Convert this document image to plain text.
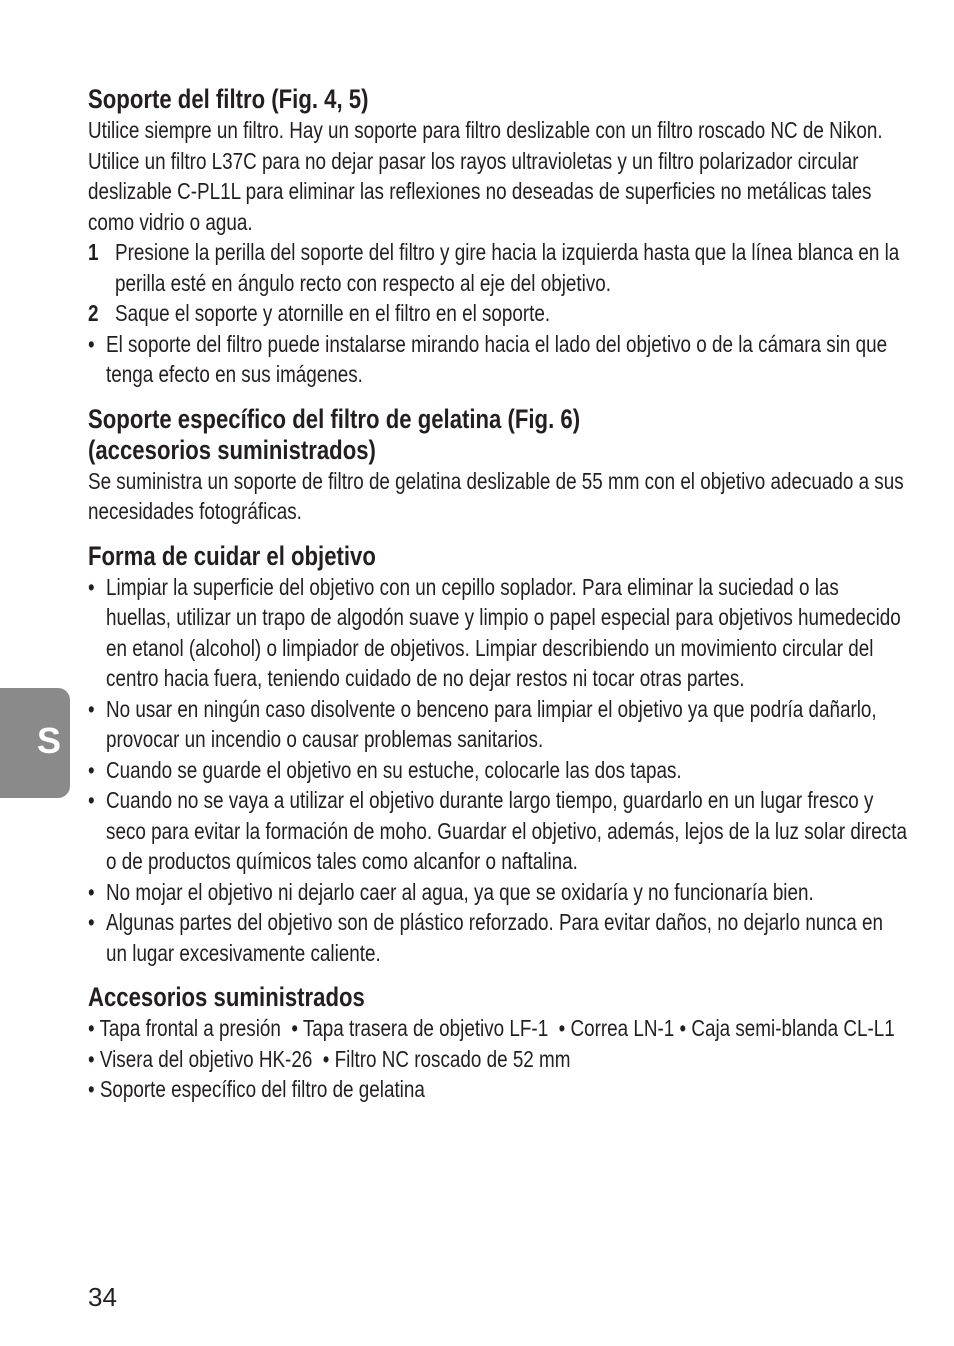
Soporte del filtro (Fig. 4, 5)

Utilice siempre un filtro. Hay un soporte para filtro deslizable con un filtro roscado NC de Nikon. Utilice un filtro L37C para no dejar pasar los rayos ultravioletas y un filtro polarizador circular deslizable C-PL1L para eliminar las reflexiones no deseadas de superficies no metálicas tales como vidrio o agua.

1 Presione la perilla del soporte del filtro y gire hacia la izquierda hasta que la línea blanca en la perilla esté en ángulo recto con respecto al eje del objetivo.
2 Saque el soporte y atornille en el filtro en el soporte.
• El soporte del filtro puede instalarse mirando hacia el lado del objetivo o de la cámara sin que tenga efecto en sus imágenes.
Soporte específico del filtro de gelatina (Fig. 6) (accesorios suministrados)

Se suministra un soporte de filtro de gelatina deslizable de 55 mm con el objetivo adecuado a sus necesidades fotográficas.

Forma de cuidar el objetivo
• Limpiar la superficie del objetivo con un cepillo soplador. Para eliminar la suciedad o las huellas, utilizar un trapo de algodón suave y limpio o papel especial para objetivos humedecido en etanol (alcohol) o limpiador de objetivos. Limpiar describiendo un movimiento circular del centro hacia fuera, teniendo cuidado de no dejar restos ni tocar otras partes.
• No usar en ningún caso disolvente o benceno para limpiar el objetivo ya que podría dañarlo, provocar un incendio o causar problemas sanitarios.
• Cuando se guarde el objetivo en su estuche, colocarle las dos tapas.
• Cuando no se vaya a utilizar el objetivo durante largo tiempo, guardarlo en un lugar fresco y seco para evitar la formación de moho. Guardar el objetivo, además, lejos de la luz solar directa o de productos químicos tales como alcanfor o naftalina.
• No mojar el objetivo ni dejarlo caer al agua, ya que se oxidaría y no funcionaría bien.
• Algunas partes del objetivo son de plástico reforzado. Para evitar daños, no dejarlo nunca en un lugar excesivamente caliente.
Accesorios suministrados

• Tapa frontal a presión  • Tapa trasera de objetivo LF-1  • Correa LN-1 • Caja semi-blanda CL-L1  • Visera del objetivo HK-26  • Filtro NC roscado de 52 mm

• Soporte específico del filtro de gelatina

S
34
